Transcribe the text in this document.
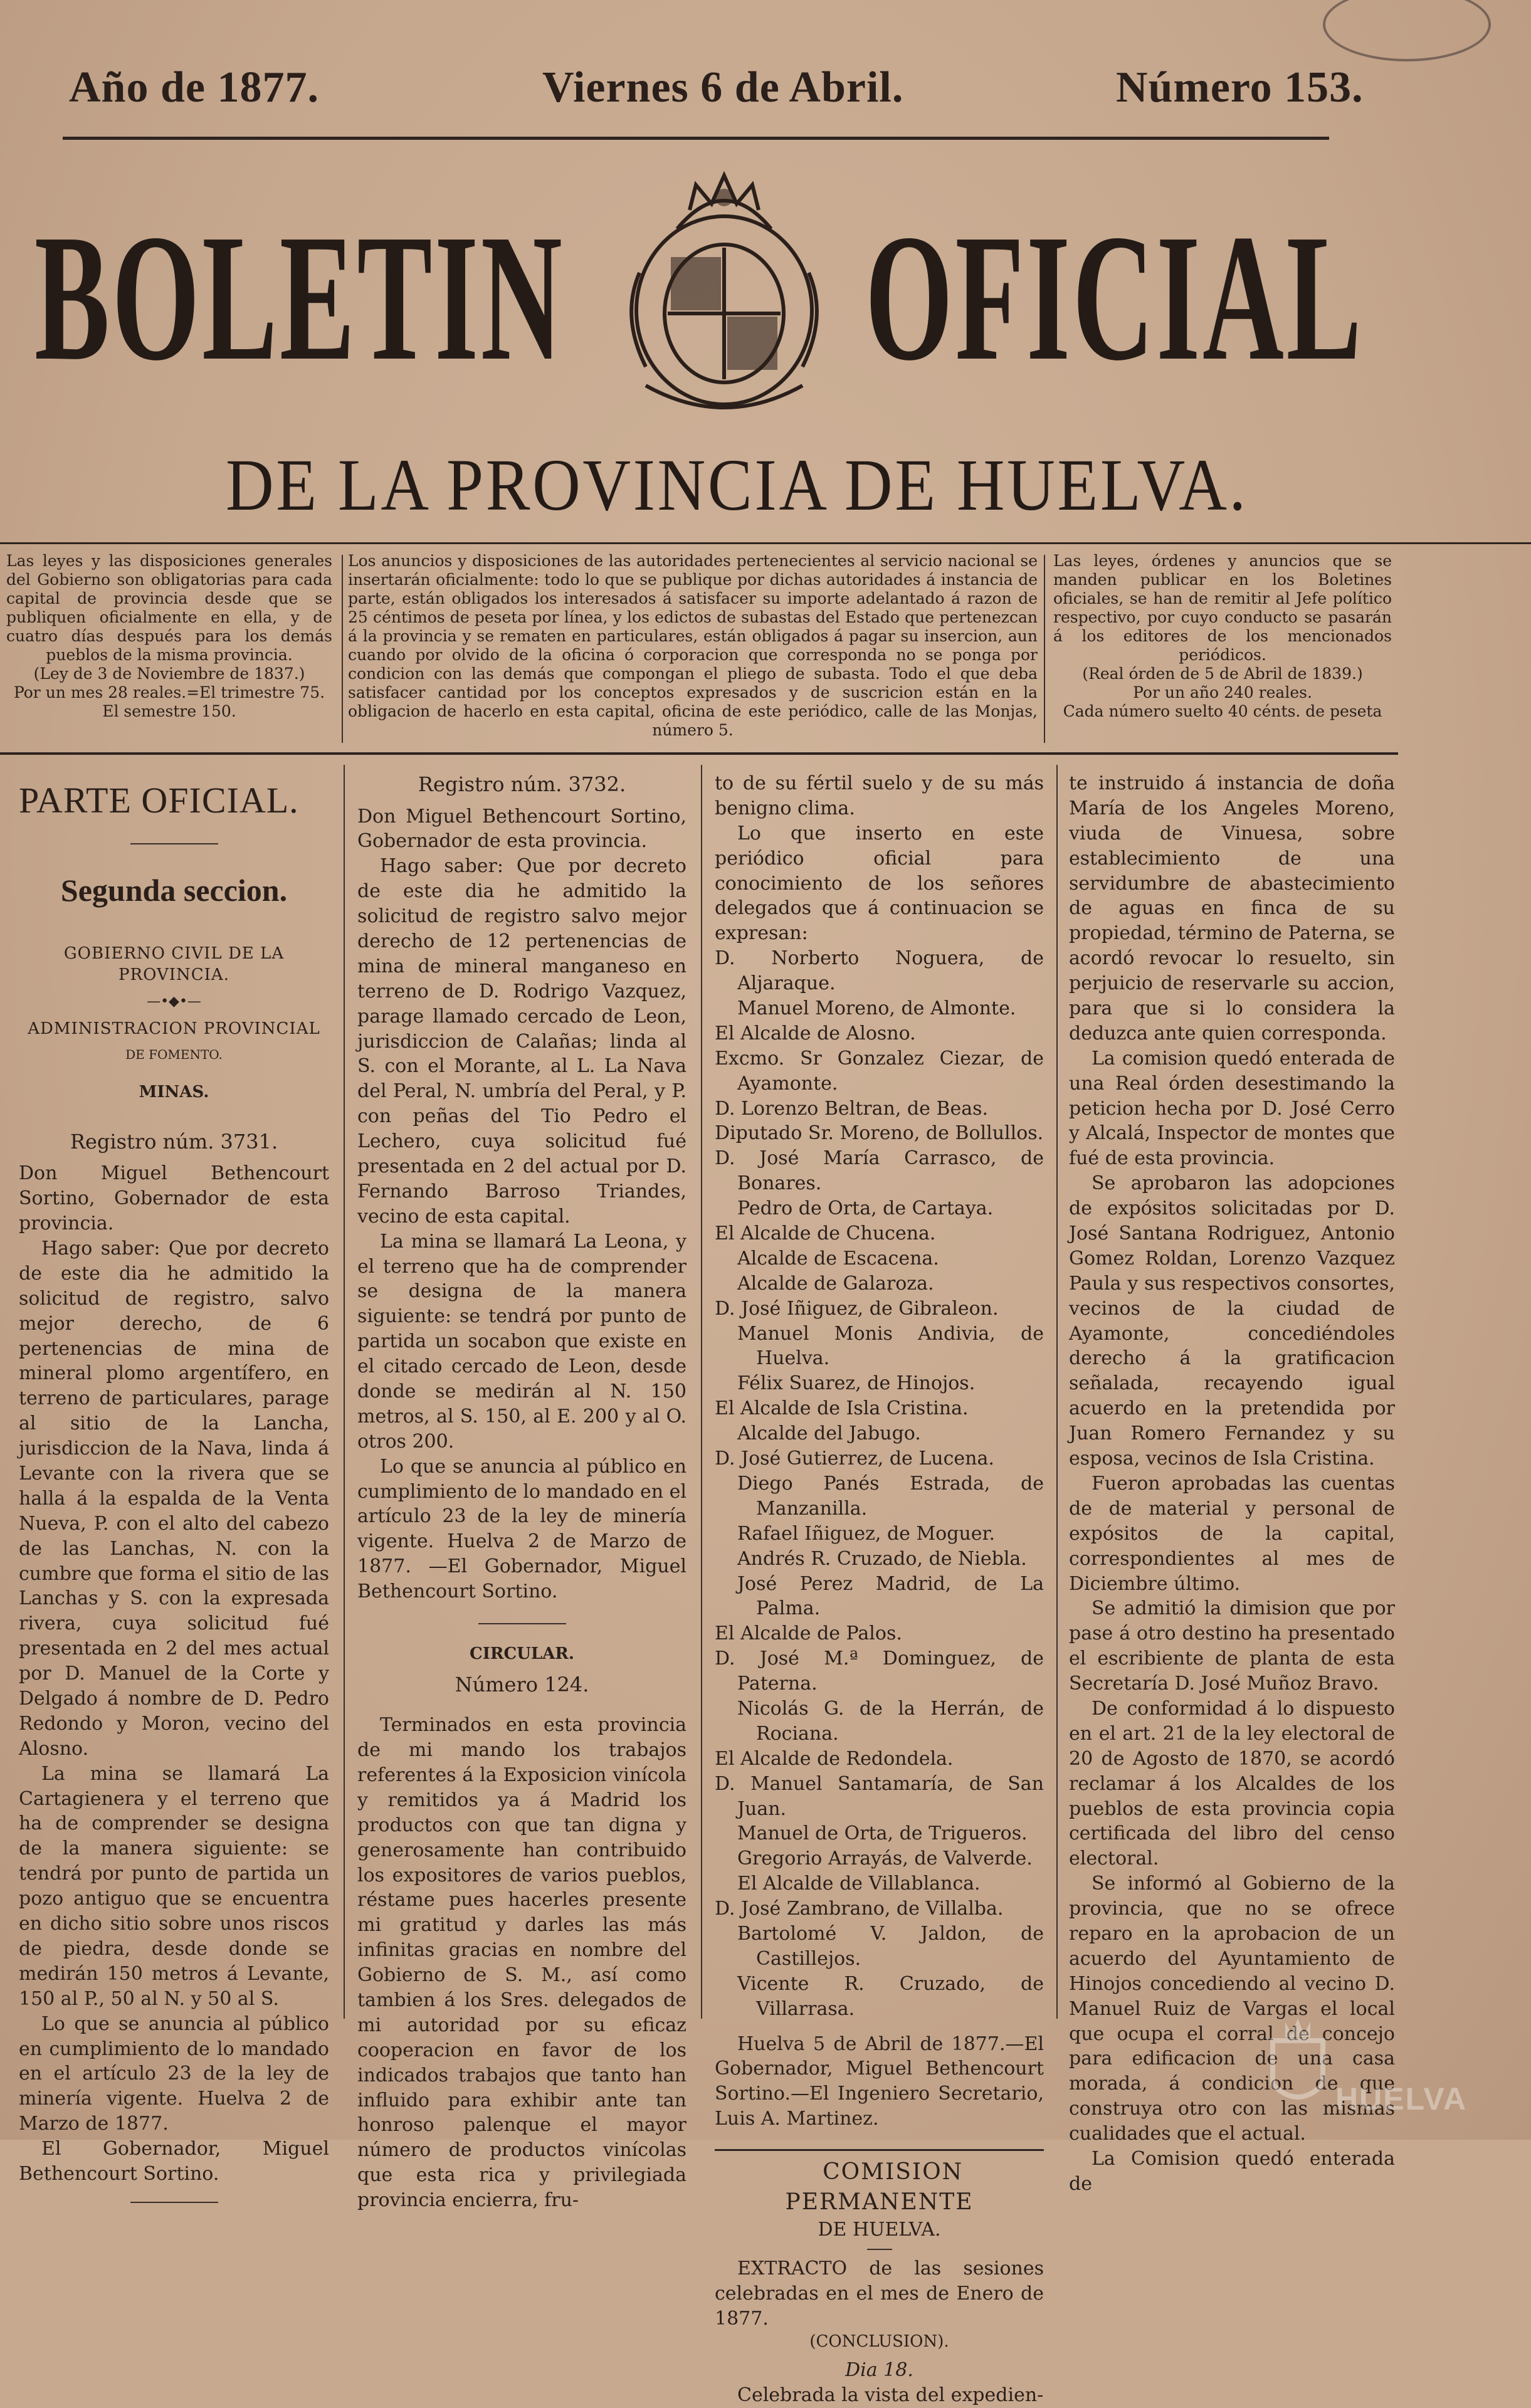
Año de 1877.	Viernes 6 de Abril.	Número 153.
BOLETIN OFICIAL
DE LA PROVINCIA DE HUELVA.
Las leyes y las disposiciones generales del Gobierno son obligatorias para cada capital de provincia desde que se publiquen oficialmente en ella, y de cuatro días después para los demás pueblos de la misma provincia.
(Ley de 3 de Noviembre de 1837.)
Por un mes 28 reales.=El trimestre 75.
El semestre 150.
Los anuncios y disposiciones de las autoridades pertenecientes al servicio nacional se insertarán oficialmente: todo lo que se publique por dichas autoridades á instancia de parte, están obligados los interesados á satisfacer su importe adelantado á razon de 25 céntimos de peseta por línea, y los edictos de subastas del Estado que pertenezcan á la provincia y se rematen en particulares, están obligados á pagar su insercion, aun cuando por olvido de la oficina ó corporacion que corresponda no se ponga por condicion con las demás que compongan el pliego de subasta. Todo el que deba satisfacer cantidad por los conceptos expresados y de suscricion están en la obligacion de hacerlo en esta capital, oficina de este periódico, calle de las Monjas, número 5.
Las leyes, órdenes y anuncios que se manden publicar en los Boletines oficiales, se han de remitir al Jefe político respectivo, por cuyo conducto se pasarán á los editores de los mencionados periódicos.
(Real órden de 5 de Abril de 1839.)
Por un año 240 reales.
Cada número suelto 40 cénts. de peseta

PARTE OFICIAL.

Segunda seccion.

GOBIERNO CIVIL DE LA PROVINCIA.

—•◆•—

ADMINISTRACION PROVINCIAL

DE FOMENTO.

MINAS.

Registro núm. 3731.

Don Miguel Bethencourt Sortino, Gobernador de esta provincia.

Hago saber: Que por decreto de este dia he admitido la solicitud de registro, salvo mejor derecho, de 6 pertenencias de mina de mineral plomo argentífero, en terreno de particulares, parage al sitio de la Lancha, jurisdiccion de la Nava, linda á Levante con la rivera que se halla á la espalda de la Venta Nueva, P. con el alto del cabezo de las Lanchas, N. con la cumbre que forma el sitio de las Lanchas y S. con la expresada rivera, cuya solicitud fué presentada en 2 del mes actual por D. Manuel de la Corte y Delgado á nombre de D. Pedro Redondo y Moron, vecino del Alosno.

La mina se llamará La Cartagienera y el terreno que ha de comprender se designa de la manera siguiente: se tendrá por punto de partida un pozo antiguo que se encuentra en dicho sitio sobre unos riscos de piedra, desde donde se medirán 150 metros á Levante, 150 al P., 50 al N. y 50 al S.

Lo que se anuncia al público en cumplimiento de lo mandado en el artículo 23 de la ley de minería vigente. Huelva 2 de Marzo de 1877.

El Gobernador, Miguel Bethencourt Sortino.

Registro núm. 3732.

Don Miguel Bethencourt Sortino, Gobernador de esta provincia.

Hago saber: Que por decreto de este dia he admitido la solicitud de registro salvo mejor derecho de 12 pertenencias de mina de mineral manganeso en terreno de D. Rodrigo Vazquez, parage llamado cercado de Leon, jurisdiccion de Calañas; linda al S. con el Morante, al L. La Nava del Peral, N. umbría del Peral, y P. con peñas del Tio Pedro el Lechero, cuya solicitud fué presentada en 2 del actual por D. Fernando Barroso Triandes, vecino de esta capital.

La mina se llamará La Leona, y el terreno que ha de comprender se designa de la manera siguiente: se tendrá por punto de partida un socabon que existe en el citado cercado de Leon, desde donde se medirán al N. 150 metros, al S. 150, al E. 200 y al O. otros 200.

Lo que se anuncia al público en cumplimiento de lo mandado en el artículo 23 de la ley de minería vigente. Huelva 2 de Marzo de 1877. —El Gobernador, Miguel Bethencourt Sortino.

CIRCULAR.

Número 124.

Terminados en esta provincia de mi mando los trabajos referentes á la Exposicion vinícola y remitidos ya á Madrid los productos con que tan digna y generosamente han contribuido los expositores de varios pueblos, réstame pues hacerles presente mi gratitud y darles las más infinitas gracias en nombre del Gobierno de S. M., así como tambien á los Sres. delegados de mi autoridad por su eficaz cooperacion en favor de los indicados trabajos que tanto han influido para exhibir ante tan honroso palenque el mayor número de productos vinícolas que esta rica y privilegiada provincia encierra, fru-

to de su fértil suelo y de su más benigno clima.

Lo que inserto en este periódico oficial para conocimiento de los señores delegados que á continuacion se expresan:

D. Norberto Noguera, de Aljaraque.

Manuel Moreno, de Almonte.

El Alcalde de Alosno.

Excmo. Sr Gonzalez Ciezar, de Ayamonte.

D. Lorenzo Beltran, de Beas.

Diputado Sr. Moreno, de Bollullos.

D. José María Carrasco, de Bonares.

Pedro de Orta, de Cartaya.

El Alcalde de Chucena.

Alcalde de Escacena.

Alcalde de Galaroza.

D. José Iñiguez, de Gibraleon.

Manuel Monis Andivia, de Huelva.

Félix Suarez, de Hinojos.

El Alcalde de Isla Cristina.

Alcalde del Jabugo.

D. José Gutierrez, de Lucena.

Diego Panés Estrada, de Manzanilla.

Rafael Iñiguez, de Moguer.

Andrés R. Cruzado, de Niebla.

José Perez Madrid, de La Palma.

El Alcalde de Palos.

D. José M.ª Dominguez, de Paterna.

Nicolás G. de la Herrán, de Rociana.

El Alcalde de Redondela.

D. Manuel Santamaría, de San Juan.

Manuel de Orta, de Trigueros.

Gregorio Arrayás, de Valverde.

El Alcalde de Villablanca.

D. José Zambrano, de Villalba.

Bartolomé V. Jaldon, de Castillejos.

Vicente R. Cruzado, de Villarrasa.

Huelva 5 de Abril de 1877.—El Gobernador, Miguel Bethencourt Sortino.—El Ingeniero Secretario, Luis A. Martinez.

COMISION PERMANENTE

DE HUELVA.

EXTRACTO de las sesiones celebradas en el mes de Enero de 1877.

(CONCLUSION).

Dia 18.

Celebrada la vista del expedien-

te instruido á instancia de doña María de los Angeles Moreno, viuda de Vinuesa, sobre establecimiento de una servidumbre de abastecimiento de aguas en finca de su propiedad, término de Paterna, se acordó revocar lo resuelto, sin perjuicio de reservarle su accion, para que si lo considera la deduzca ante quien corresponda.

La comision quedó enterada de una Real órden desestimando la peticion hecha por D. José Cerro y Alcalá, Inspector de montes que fué de esta provincia.

Se aprobaron las adopciones de expósitos solicitadas por D. José Santana Rodriguez, Antonio Gomez Roldan, Lorenzo Vazquez Paula y sus respectivos consortes, vecinos de la ciudad de Ayamonte, concediéndoles derecho á la gratificacion señalada, recayendo igual acuerdo en la pretendida por Juan Romero Fernandez y su esposa, vecinos de Isla Cristina.

Fueron aprobadas las cuentas de de material y personal de expósitos de la capital, correspondientes al mes de Diciembre último.

Se admitió la dimision que por pase á otro destino ha presentado el escribiente de planta de esta Secretaría D. José Muñoz Bravo.

De conformidad á lo dispuesto en el art. 21 de la ley electoral de 20 de Agosto de 1870, se acordó reclamar á los Alcaldes de los pueblos de esta provincia copia certificada del libro del censo electoral.

Se informó al Gobierno de la provincia, que no se ofrece reparo en la aprobacion de un acuerdo del Ayuntamiento de Hinojos concediendo al vecino D. Manuel Ruiz de Vargas el local que ocupa el corral de concejo para edificacion de una casa morada, á condicion de que construya otro con las mismas cualidades que el actual.

La Comision quedó enterada de

HUELVA
